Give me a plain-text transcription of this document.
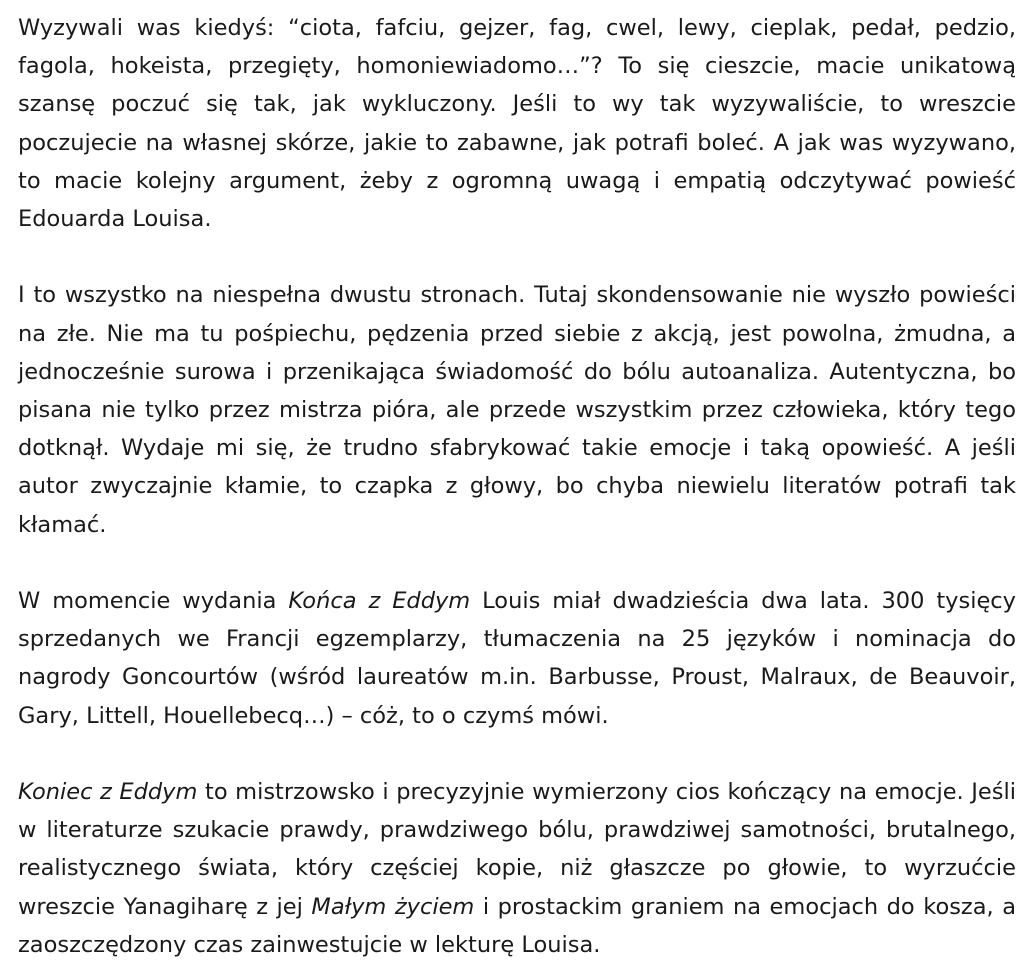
Wyzywali was kiedyś: “ciota, fafciu, gejzer, fag, cwel, lewy, cieplak, pedał, pedzio, fagola, hokeista, przegięty, homoniewiadomo…”? To się cieszcie, macie unikatową szansę poczuć się tak, jak wykluczony. Jeśli to wy tak wyzywaliście, to wreszcie poczujecie na własnej skórze, jakie to zabawne, jak potrafi boleć. A jak was wyzywano, to macie kolejny argument, żeby z ogromną uwagą i empatią odczytywać powieść Edouarda Louisa.

I to wszystko na niespełna dwustu stronach. Tutaj skondensowanie nie wyszło powieści na złe. Nie ma tu pośpiechu, pędzenia przed siebie z akcją, jest powolna, żmudna, a jednocześnie surowa i przenikająca świadomość do bólu autoanaliza. Autentyczna, bo pisana nie tylko przez mistrza pióra, ale przede wszystkim przez człowieka, który tego dotknął. Wydaje mi się, że trudno sfabrykować takie emocje i taką opowieść. A jeśli autor zwyczajnie kłamie, to czapka z głowy, bo chyba niewielu literatów potrafi tak kłamać.

W momencie wydania Końca z Eddym Louis miał dwadzieścia dwa lata. 300 tysięcy sprzedanych we Francji egzemplarzy, tłumaczenia na 25 języków i nominacja do nagrody Goncourtów (wśród laureatów m.in. Barbusse, Proust, Malraux, de Beauvoir, Gary, Littell, Houellebecq…) – cóż, to o czymś mówi.

Koniec z Eddym to mistrzowsko i precyzyjnie wymierzony cios kończący na emocje. Jeśli w literaturze szukacie prawdy, prawdziwego bólu, prawdziwej samotności, brutalnego, realistycznego świata, który częściej kopie, niż głaszcze po głowie, to wyrzućcie wreszcie Yanagiharę z jej Małym życiem i prostackim graniem na emocjach do kosza, a zaoszczędzony czas zainwestujcie w lekturę Louisa.
